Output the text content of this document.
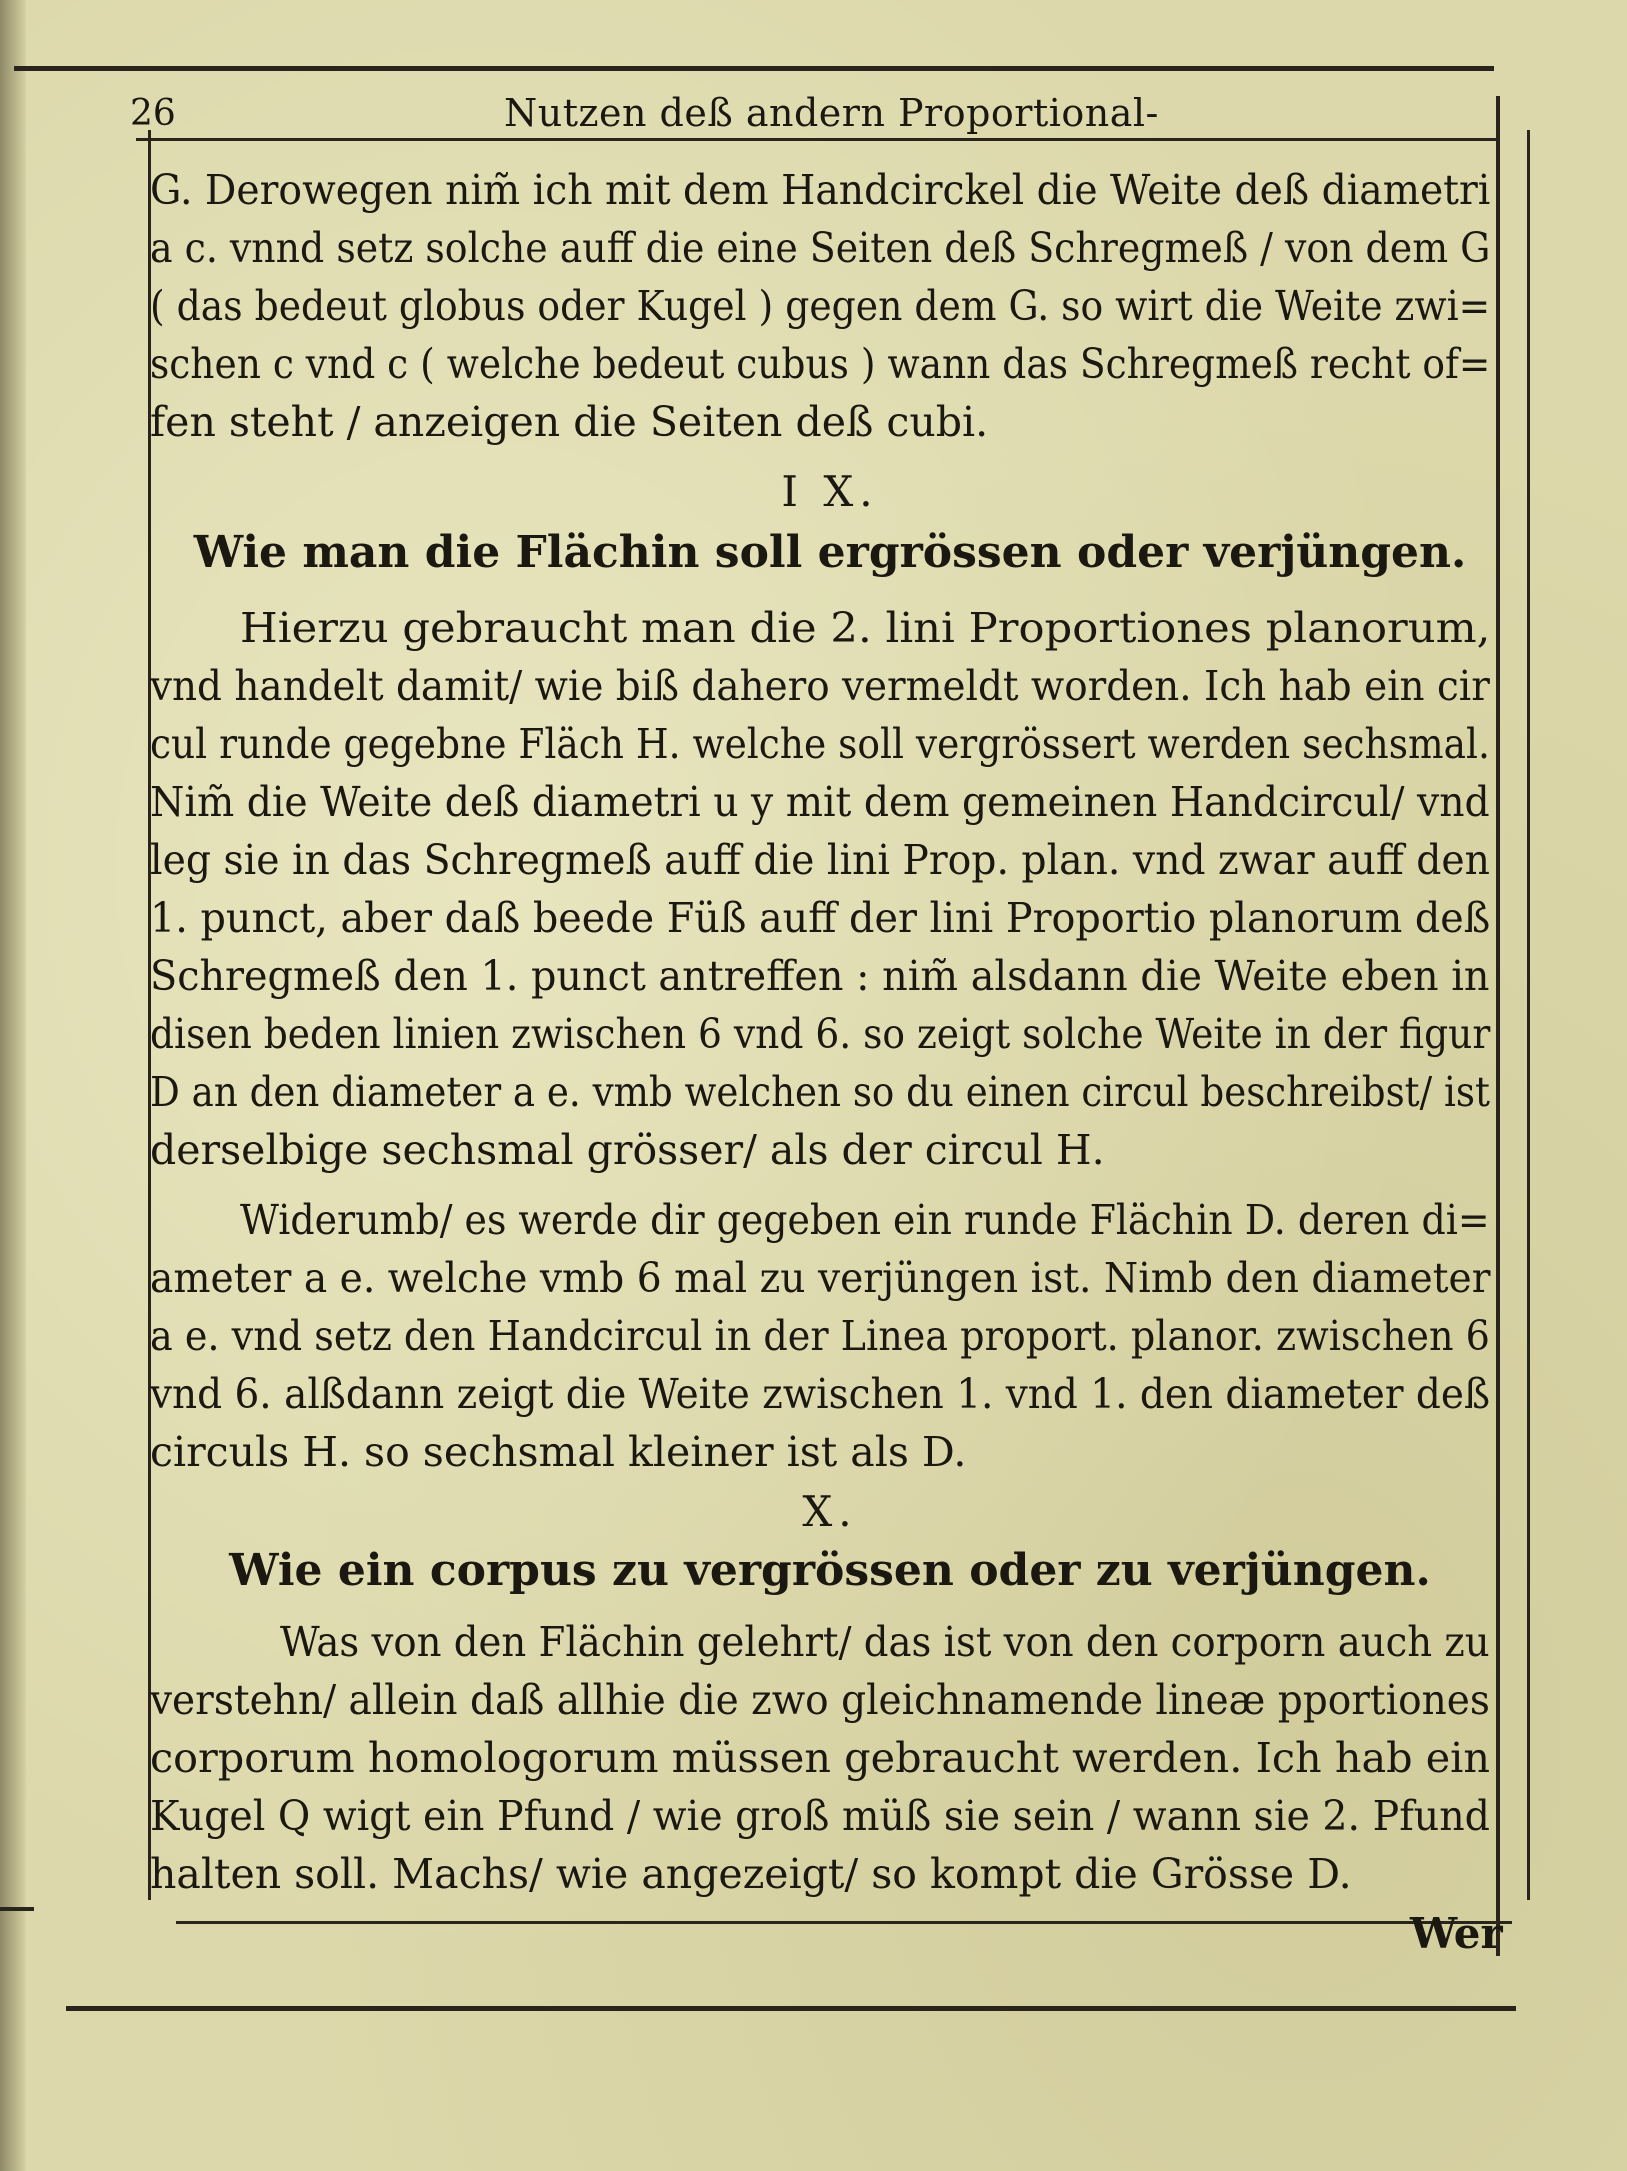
26	Nutzen deß andern Proportional-
G. Derowegen nim̃ ich mit dem Handcirckel die Weite deß diametri
a c. vnnd setz solche auff die eine Seiten deß Schregmeß / von dem G
( das bedeut globus oder Kugel ) gegen dem G. so wirt die Weite zwi=
schen c vnd c ( welche bedeut cubus ) wann das Schregmeß recht of=
fen steht / anzeigen die Seiten deß cubi.
I X.
Wie man die Flächin soll ergrössen oder verjüngen.
Hierzu gebraucht man die 2. lini Proportiones planorum,
vnd handelt damit/ wie biß dahero vermeldt worden. Ich hab ein cir
cul runde gegebne Fläch H. welche soll vergrössert werden sechsmal.
Nim̃ die Weite deß diametri u y mit dem gemeinen Handcircul/ vnd
leg sie in das Schregmeß auff die lini Prop. plan. vnd zwar auff den
1. punct, aber daß beede Füß auff der lini Proportio planorum deß
Schregmeß den 1. punct antreffen : nim̃ alsdann die Weite eben in
disen beden linien zwischen 6 vnd 6. so zeigt solche Weite in der figur
D an den diameter a e. vmb welchen so du einen circul beschreibst/ ist
derselbige sechsmal grösser/ als der circul H.
Widerumb/ es werde dir gegeben ein runde Flächin D. deren di=
ameter a e. welche vmb 6 mal zu verjüngen ist. Nimb den diameter
a e. vnd setz den Handcircul in der Linea proport. planor. zwischen 6
vnd 6. alßdann zeigt die Weite zwischen 1. vnd 1. den diameter deß
circuls H. so sechsmal kleiner ist als D.
X.
Wie ein corpus zu vergrössen oder zu verjüngen.
Was von den Flächin gelehrt/ das ist von den corporn auch zu
verstehn/ allein daß allhie die zwo gleichnamende lineæ pportiones
corporum homologorum müssen gebraucht werden. Ich hab ein
Kugel Q wigt ein Pfund / wie groß müß sie sein / wann sie 2. Pfund
halten soll. Machs/ wie angezeigt/ so kompt die Grösse D.
Wer
